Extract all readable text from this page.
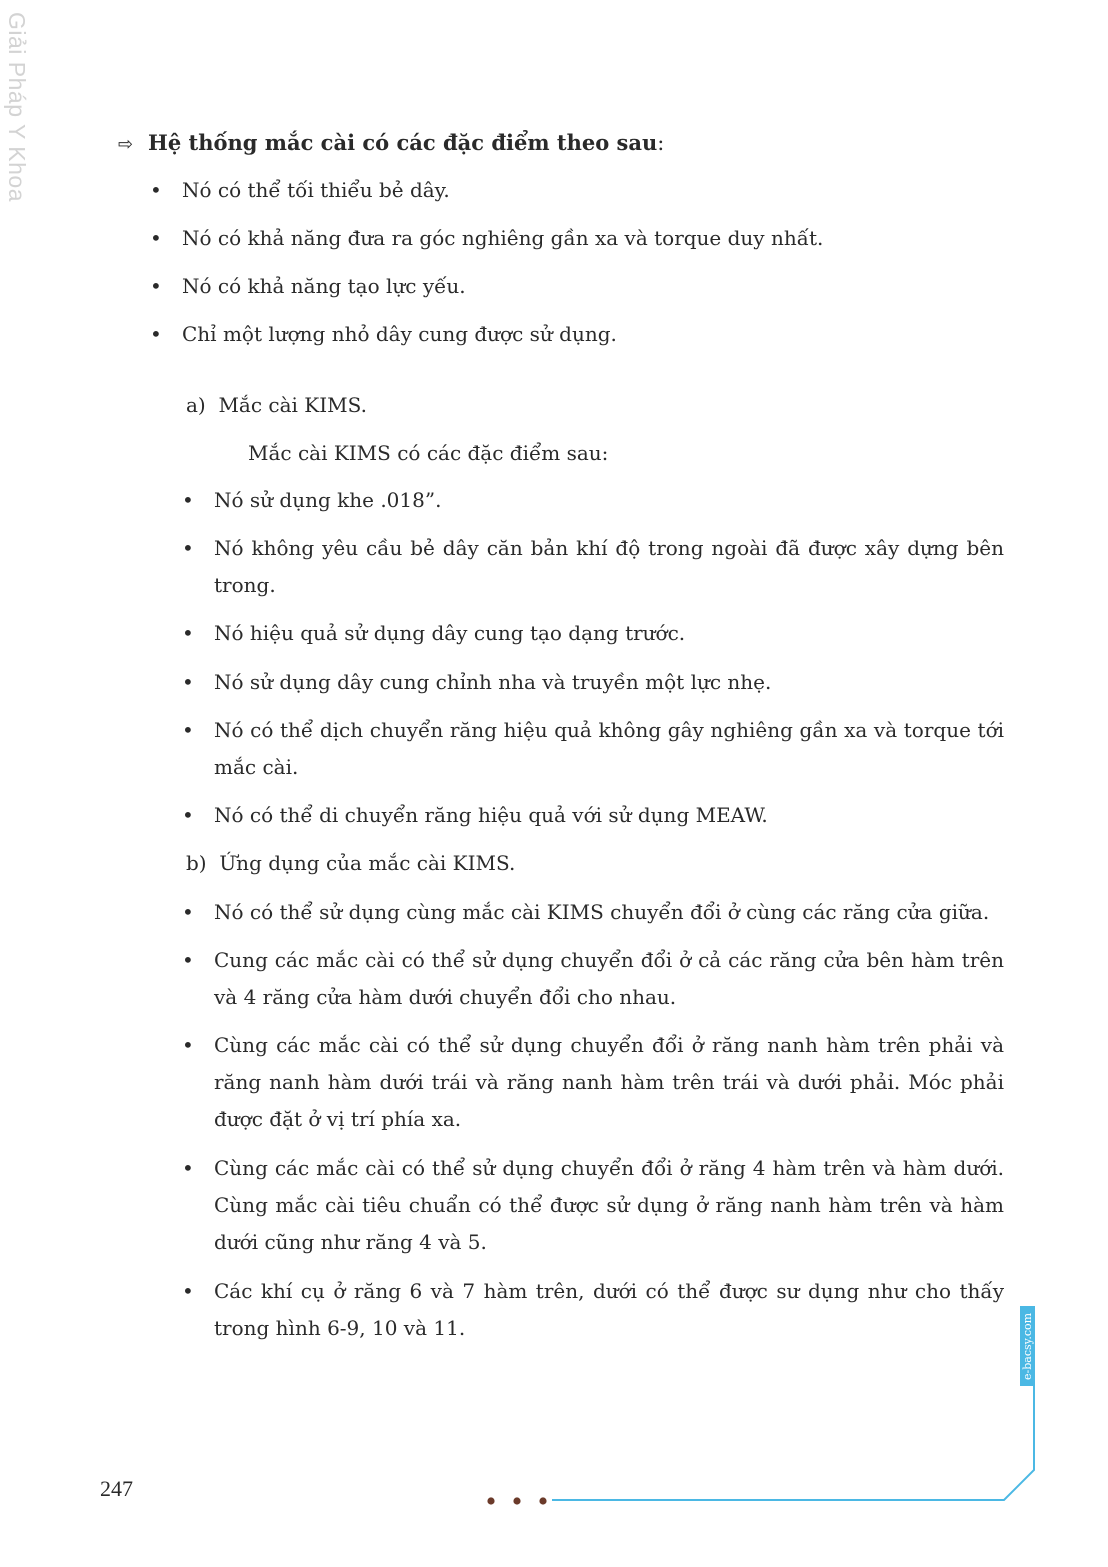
Giải Pháp Y Khoa	⇨ Hệ thống mắc cài có các đặc điểm theo sau:
• Nó có thể tối thiểu bẻ dây.
• Nó có khả năng đưa ra góc nghiêng gần xa và torque duy nhất.
• Nó có khả năng tạo lực yếu.
• Chỉ một lượng nhỏ dây cung được sử dụng.
a) Mắc cài KIMS.
Mắc cài KIMS có các đặc điểm sau:
• Nó sử dụng khe .018”.
• Nó không yêu cầu bẻ dây căn bản khí độ trong ngoài đã được xây dựng bên trong.
• Nó hiệu quả sử dụng dây cung tạo dạng trước.
• Nó sử dụng dây cung chỉnh nha và truyền một lực nhẹ.
• Nó có thể dịch chuyển răng hiệu quả không gây nghiêng gần xa và torque tới mắc cài.
• Nó có thể di chuyển răng hiệu quả với sử dụng MEAW.
b) Ứng dụng của mắc cài KIMS.
• Nó có thể sử dụng cùng mắc cài KIMS chuyển đổi ở cùng các răng cửa giữa.
• Cung các mắc cài có thể sử dụng chuyển đổi ở cả các răng cửa bên hàm trên và 4 răng cửa hàm dưới chuyển đổi cho nhau.
• Cùng các mắc cài có thể sử dụng chuyển đổi ở răng nanh hàm trên phải và răng nanh hàm dưới trái và răng nanh hàm trên trái và dưới phải. Móc phải được đặt ở vị trí phía xa.
• Cùng các mắc cài có thể sử dụng chuyển đổi ở răng 4 hàm trên và hàm dưới. Cùng mắc cài tiêu chuẩn có thể được sử dụng ở răng nanh hàm trên và hàm dưới cũng như răng 4 và 5.
• Các khí cụ ở răng 6 và 7 hàm trên, dưới có thể được sư dụng như cho thấy trong hình 6-9, 10 và 11.	e-bacsy.com
247
